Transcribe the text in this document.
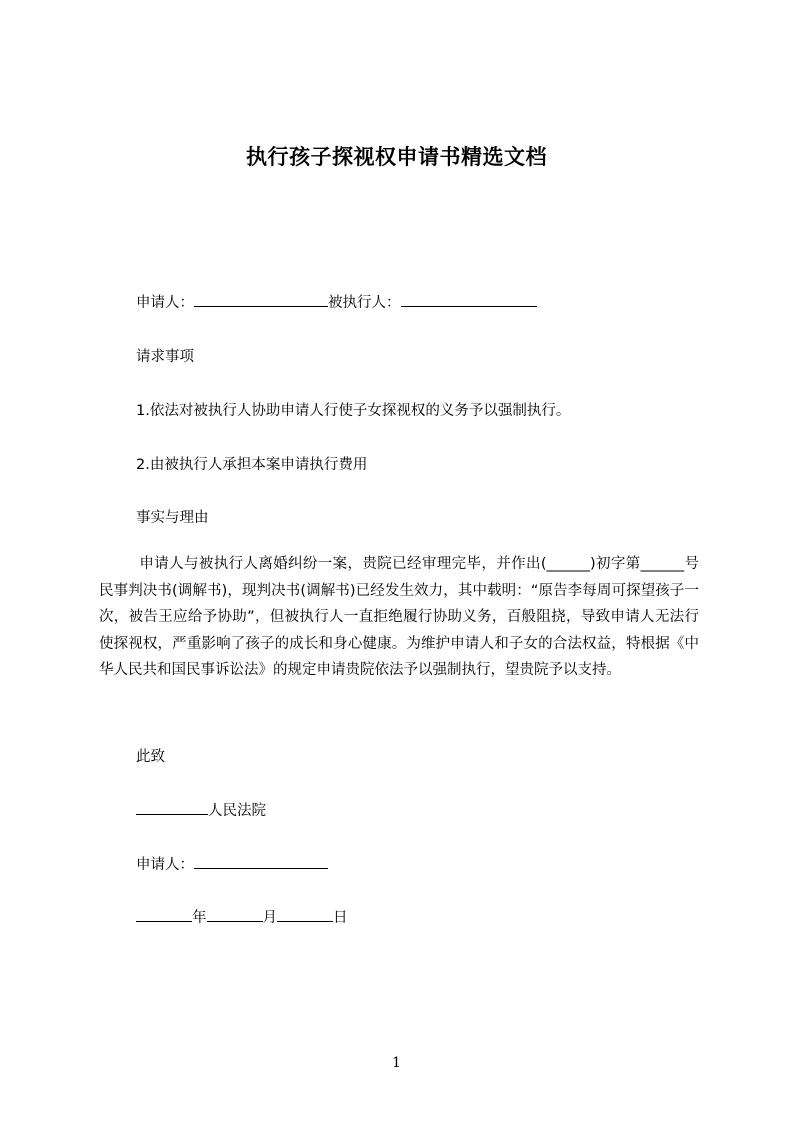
执行孩子探视权申请书精选文档
申请人：	被执行人：
请求事项
1.依法对被执行人协助申请人行使子女探视权的义务予以强制执行。
2.由被执行人承担本案申请执行费用
事实与理由
申请人与被执行人离婚纠纷一案，贵院已经审理完毕，并作出(______)初字第______号民事判决书(调解书)，现判决书(调解书)已经发生效力，其中载明：“原告李每周可探望孩子一次，被告王应给予协助”，但被执行人一直拒绝履行协助义务，百般阻挠，导致申请人无法行使探视权，严重影响了孩子的成长和身心健康。为维护申请人和子女的合法权益，特根据《中华人民共和国民事诉讼法》的规定申请贵院依法予以强制执行，望贵院予以支持。
此致
人民法院
申请人：
年	月	日
1
